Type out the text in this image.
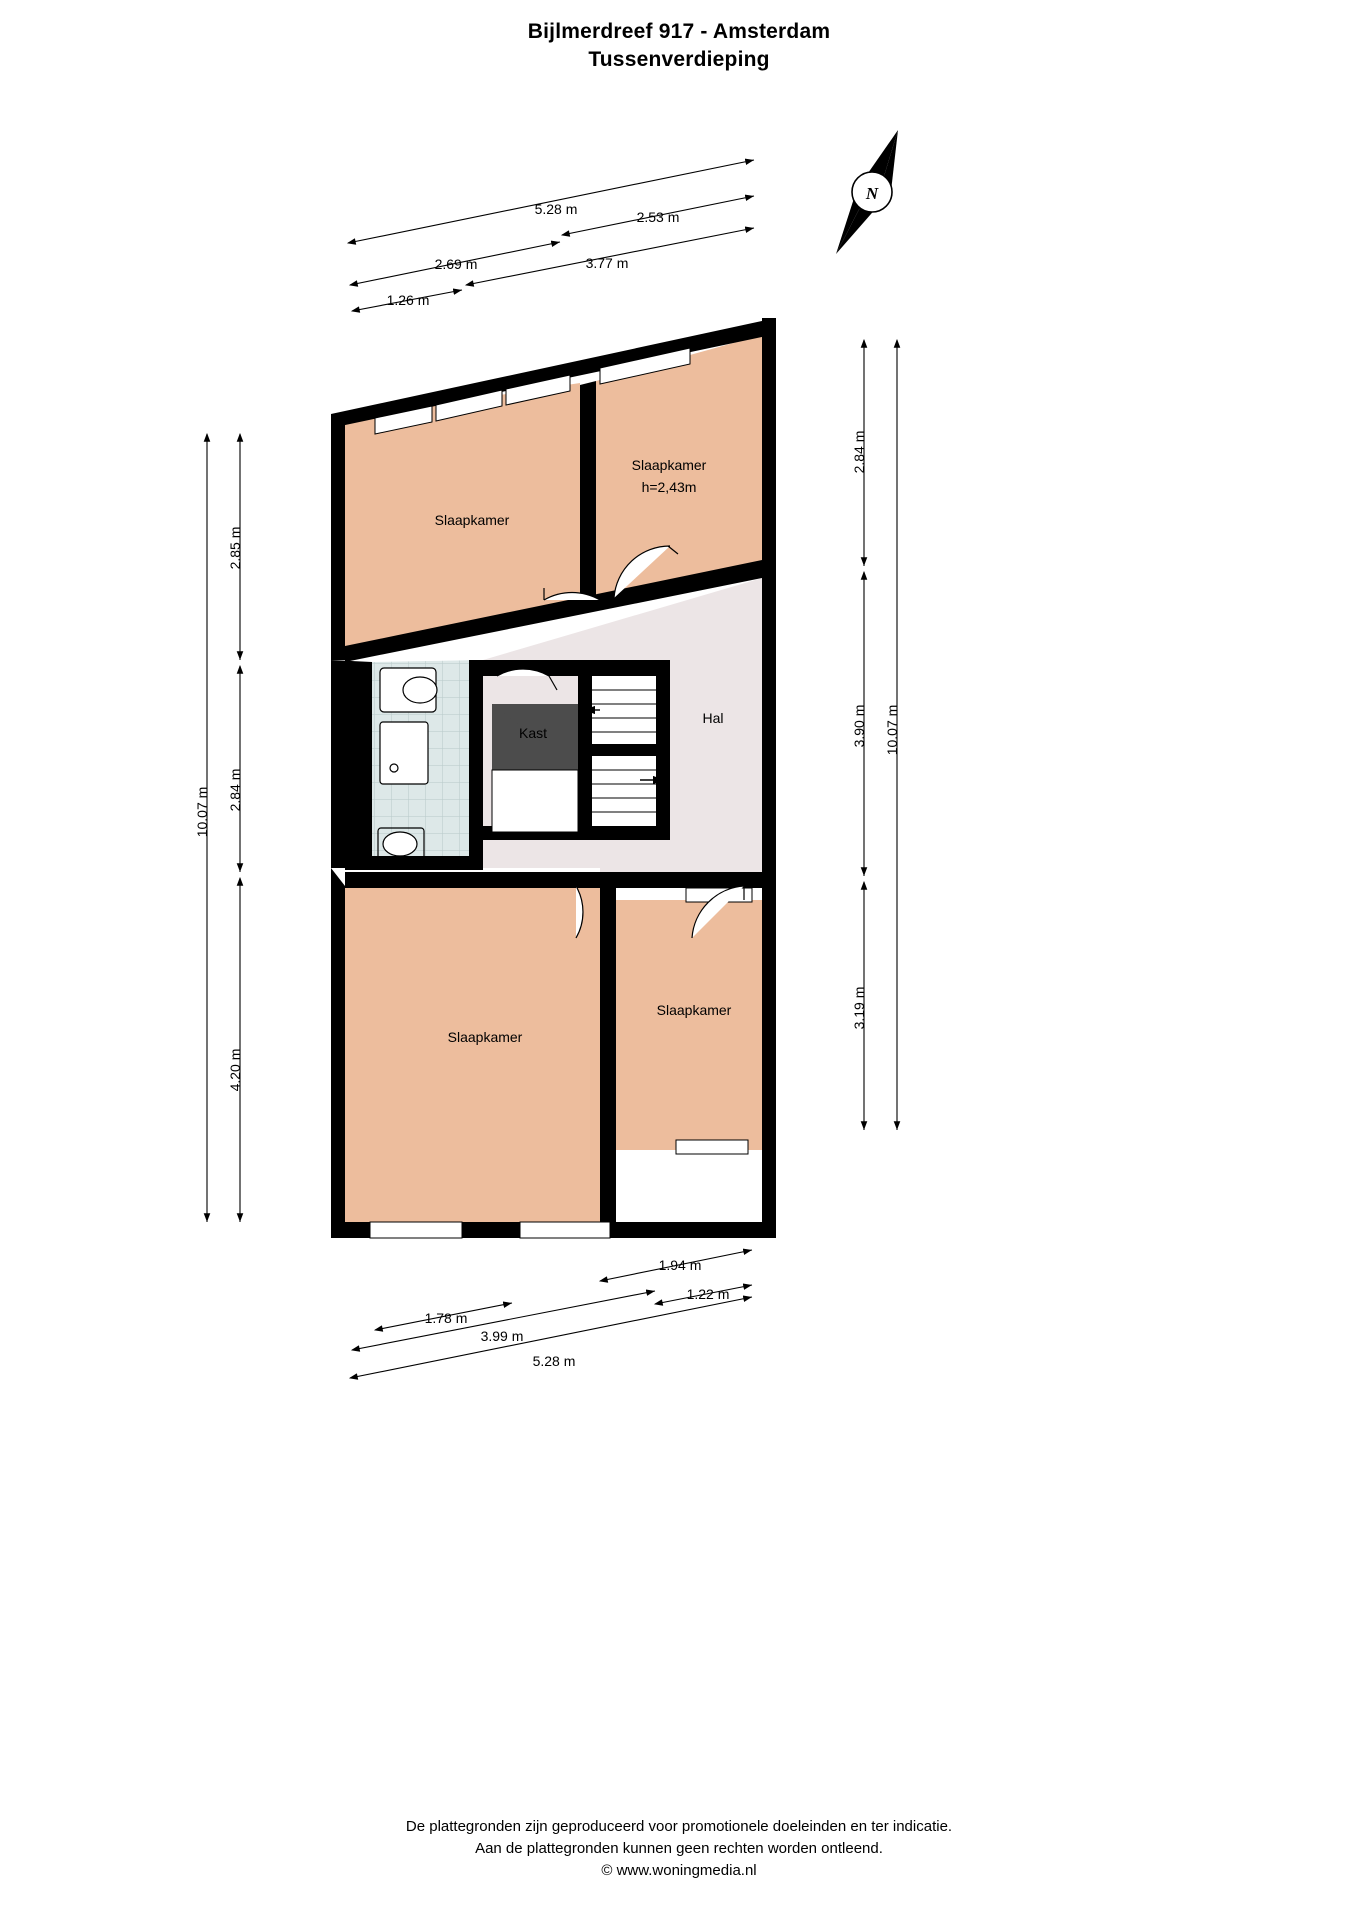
Bijlmerdreef 917 - Amsterdam
Tussenverdieping
Slaapkamer
Slaapkamer
h=2,43m
Hal
Kast
Slaapkamer
Slaapkamer
5.28 m	2.53 m
2.69 m	3.77 m
1.26 m
2.85 m
2.84 m
4.20 m
10.07 m
2.84 m
3.90 m
3.19 m
10.07 m
1.94 m
1.22 m
1.78 m
3.99 m
5.28 m
N
De plattegronden zijn geproduceerd voor promotionele doeleinden en ter indicatie.
Aan de plattegronden kunnen geen rechten worden ontleend.
© www.woningmedia.nl
